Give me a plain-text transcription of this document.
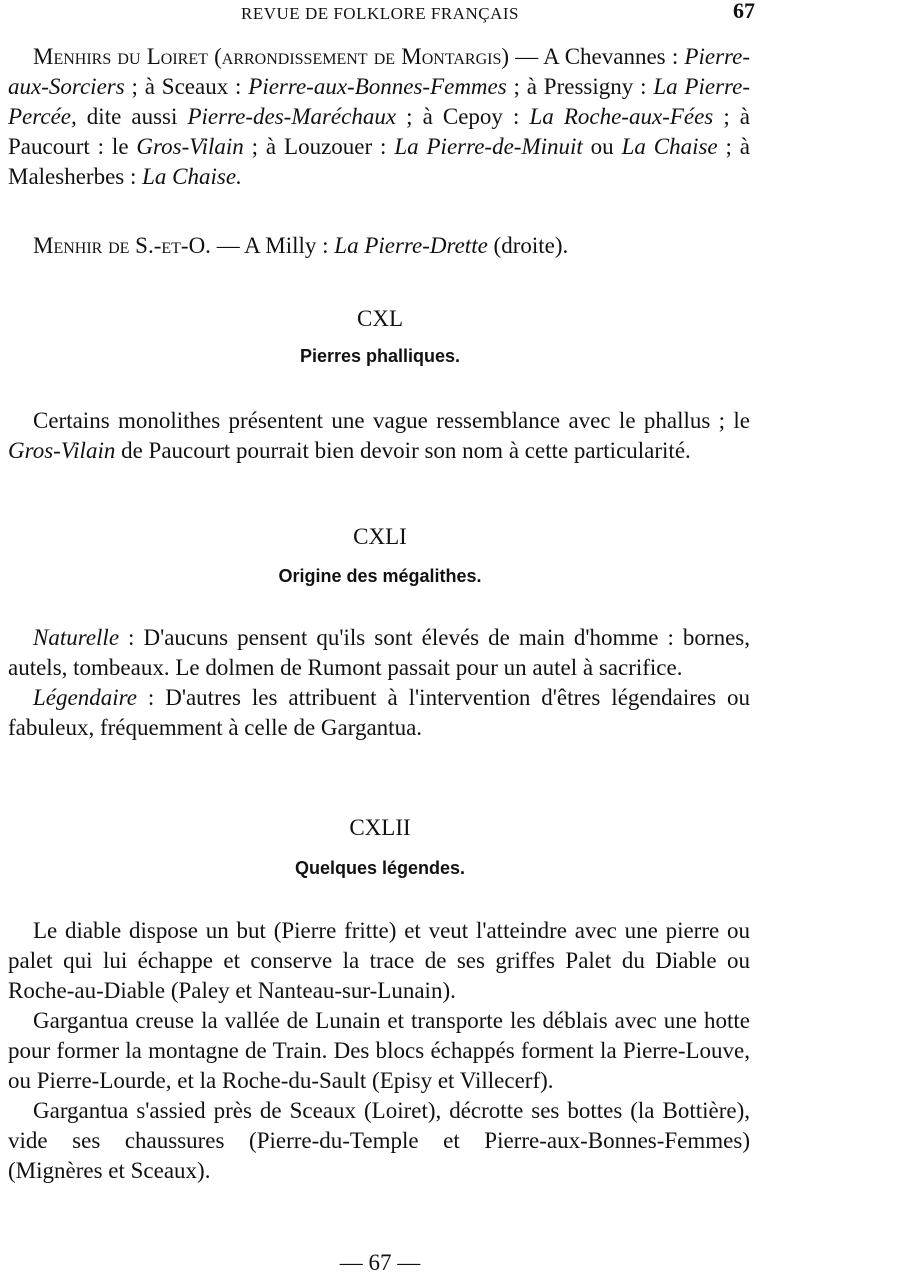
REVUE DE FOLKLORE FRANÇAIS	67

Menhirs du Loiret (arrondissement de Montargis) — A Chevannes : Pierre-aux-Sorciers ; à Sceaux : Pierre-aux-Bonnes-Femmes ; à Pressigny : La Pierre-Percée, dite aussi Pierre-des-Maréchaux ; à Cepoy : La Roche-aux-Fées ; à Paucourt : le Gros-Vilain ; à Louzouer : La Pierre-de-Minuit ou La Chaise ; à Malesherbes : La Chaise.

Menhir de S.-et-O. — A Milly : La Pierre-Drette (droite).

CXL
Pierres phalliques.

Certains monolithes présentent une vague ressemblance avec le phallus ; le Gros-Vilain de Paucourt pourrait bien devoir son nom à cette particularité.

CXLI
Origine des mégalithes.

Naturelle : D'aucuns pensent qu'ils sont élevés de main d'homme : bornes, autels, tombeaux. Le dolmen de Rumont passait pour un autel à sacrifice.

Légendaire : D'autres les attribuent à l'intervention d'êtres légendaires ou fabuleux, fréquemment à celle de Gargantua.

CXLII
Quelques légendes.

Le diable dispose un but (Pierre fritte) et veut l'atteindre avec une pierre ou palet qui lui échappe et conserve la trace de ses griffes Palet du Diable ou Roche-au-Diable (Paley et Nanteau-sur-Lunain).

Gargantua creuse la vallée de Lunain et transporte les déblais avec une hotte pour former la montagne de Train. Des blocs échappés forment la Pierre-Louve, ou Pierre-Lourde, et la Roche-du-Sault (Episy et Villecerf).

Gargantua s'assied près de Sceaux (Loiret), décrotte ses bottes (la Bottière), vide ses chaussures (Pierre-du-Temple et Pierre-aux-Bonnes-Femmes) (Mignères et Sceaux).

— 67 —
